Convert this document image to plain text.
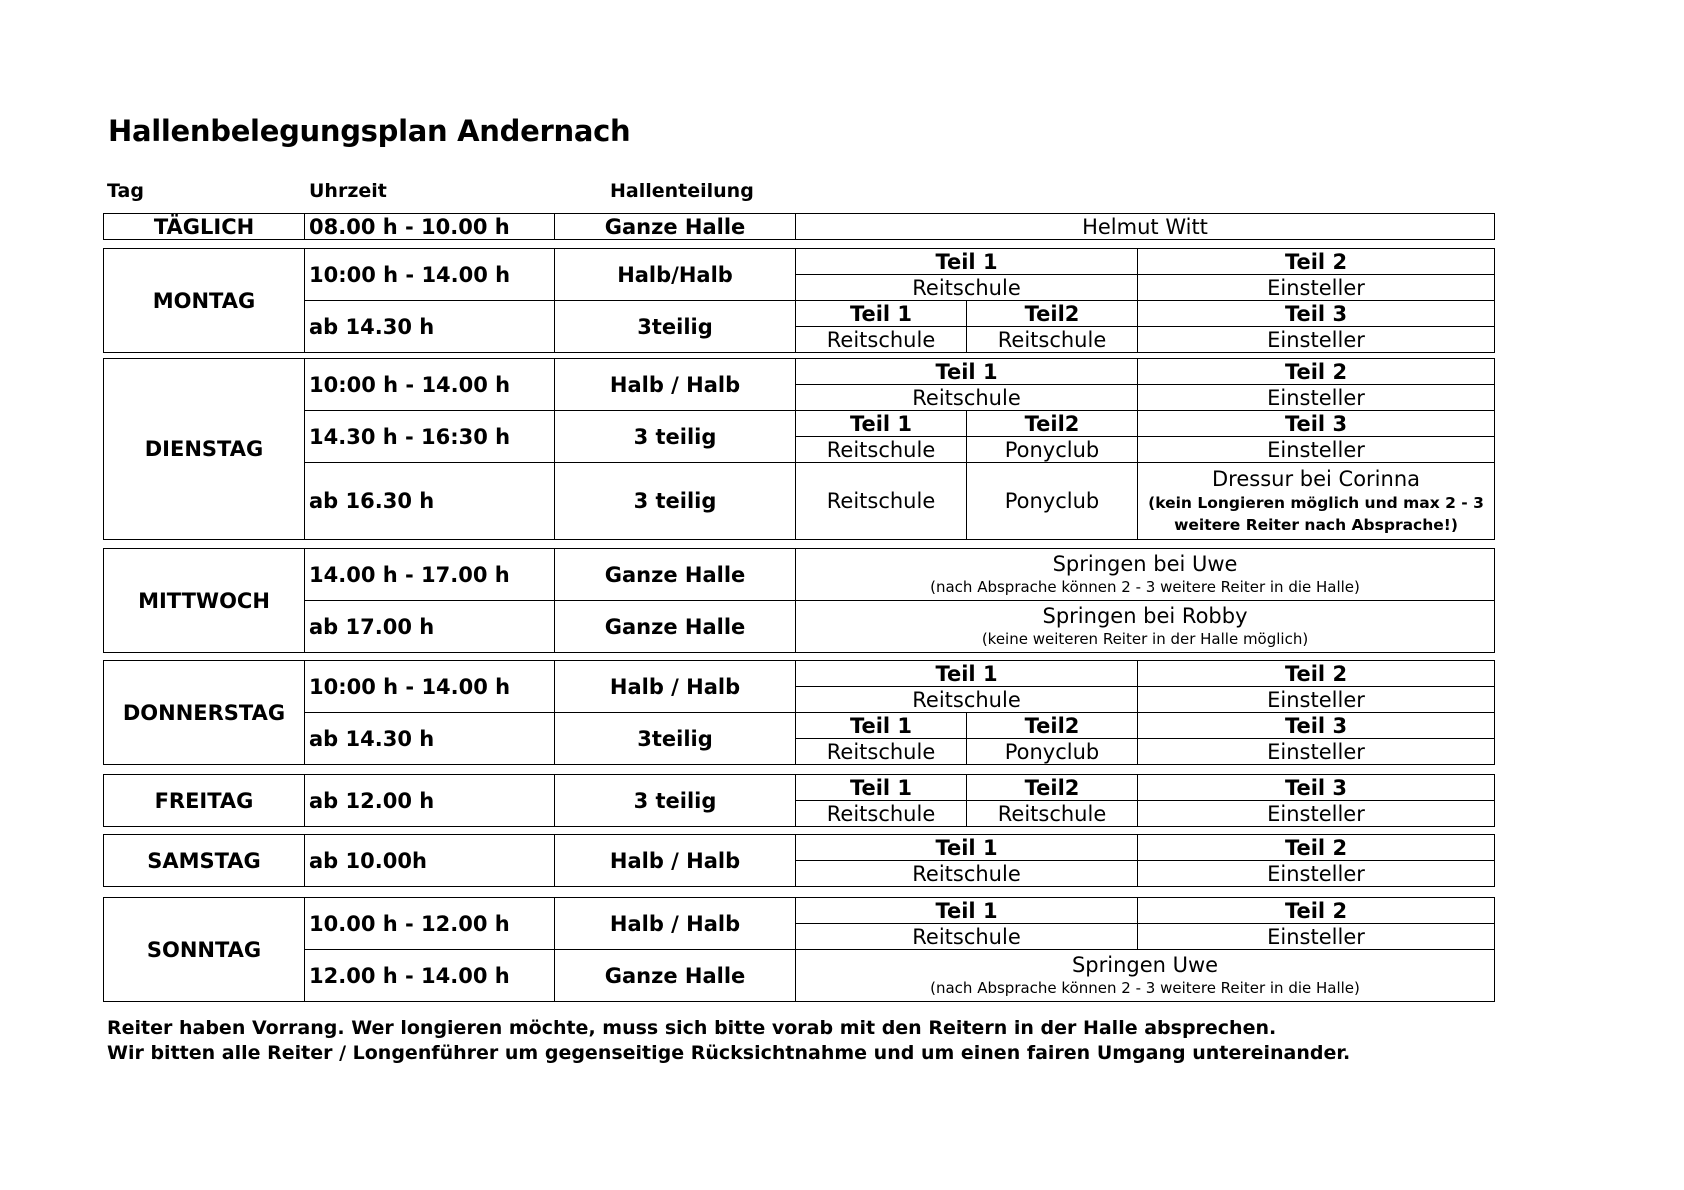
Hallenbelegungsplan Andernach
Tag	Uhrzeit	Hallenteilung
TÄGLICH	08.00 h - 10.00 h	Ganze Halle	Helmut Witt
MONTAG	10:00 h - 14.00 h	Halb/Halb	Teil 1		Teil 2
			Reitschule		Einsteller
	ab 14.30 h	3teilig	Teil 1	Teil2	Teil 3
			Reitschule	Reitschule	Einsteller
DIENSTAG	10:00 h - 14.00 h	Halb / Halb	Teil 1		Teil 2
			Reitschule		Einsteller
	14.30 h - 16:30 h	3 teilig	Teil 1	Teil2	Teil 3
			Reitschule	Ponyclub	Einsteller
	ab 16.30 h	3 teilig	Reitschule	Ponyclub	Dressur bei Corinna
(kein Longieren möglich und max 2 - 3
weitere Reiter nach Absprache!)
MITTWOCH	14.00 h - 17.00 h	Ganze Halle	Springen bei Uwe
(nach Absprache können 2 - 3 weitere Reiter in die Halle)

	ab 17.00 h	Ganze Halle	Springen bei Robby
(keine weiteren Reiter in der Halle möglich)
DONNERSTAG	10:00 h - 14.00 h	Halb / Halb	Teil 1		Teil 2
			Reitschule		Einsteller
	ab 14.30 h	3teilig	Teil 1	Teil2	Teil 3
			Reitschule	Ponyclub	Einsteller
FREITAG	ab 12.00 h	3 teilig	Teil 1	Teil2	Teil 3
			Reitschule	Reitschule	Einsteller
SAMSTAG	ab 10.00h	Halb / Halb	Teil 1	Teil 2
			Reitschule	Einsteller
SONNTAG	10.00 h - 12.00 h	Halb / Halb	Teil 1	Teil 2
			Reitschule	Einsteller
	12.00 h - 14.00 h	Ganze Halle	Springen Uwe
(nach Absprache können 2 - 3 weitere Reiter in die Halle)	
Reiter haben Vorrang. Wer longieren möchte, muss sich bitte vorab mit den Reitern in der Halle absprechen.
Wir bitten alle Reiter / Longenführer um gegenseitige Rücksichtnahme und um einen fairen Umgang untereinander.
